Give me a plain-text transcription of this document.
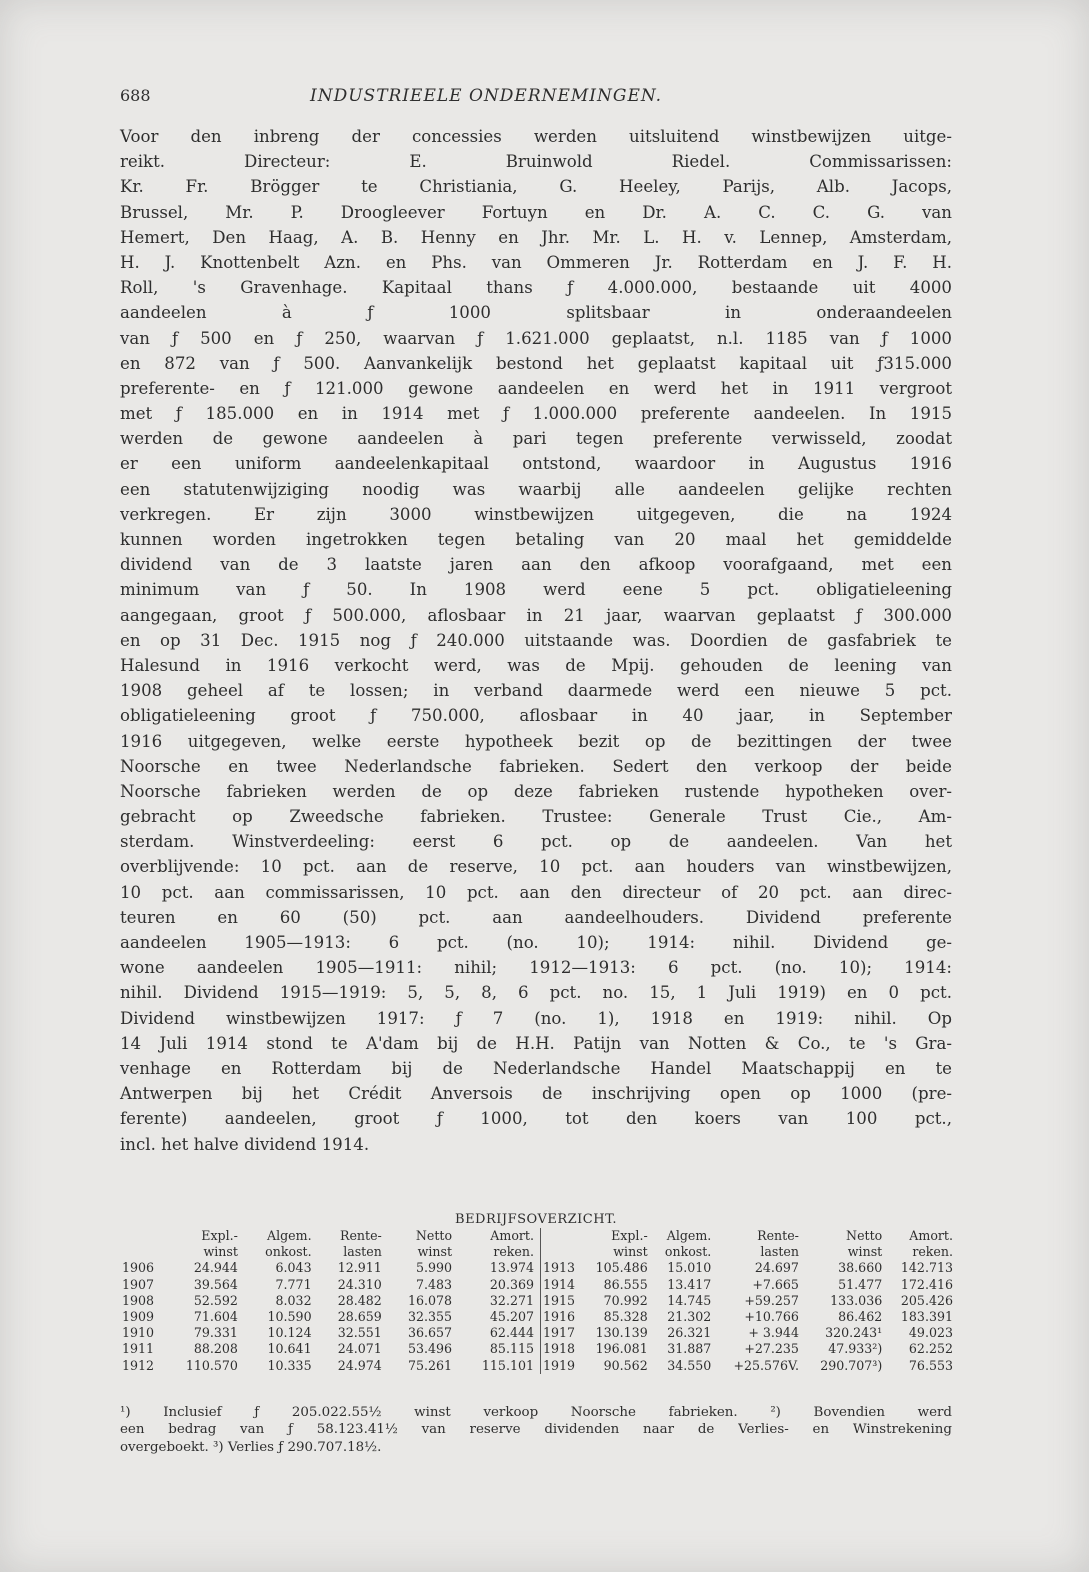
688	INDUSTRIEELE ONDERNEMINGEN.
Voor den inbreng der concessies werden uitsluitend winstbewijzen uitge-
reikt. Directeur: E. Bruinwold Riedel. Commissarissen:
Kr. Fr. Brögger te Christiania, G. Heeley, Parijs, Alb. Jacops,
Brussel, Mr. P. Droogleever Fortuyn en Dr. A. C. C. G. van
Hemert, Den Haag, A. B. Henny en Jhr. Mr. L. H. v. Lennep, Amsterdam,
H. J. Knottenbelt Azn. en Phs. van Ommeren Jr. Rotterdam en J. F. H.
Roll, 's Gravenhage. Kapitaal thans ƒ 4.000.000, bestaande uit 4000
aandeelen à ƒ 1000 splitsbaar in onderaandeelen
van ƒ 500 en ƒ 250, waarvan ƒ 1.621.000 geplaatst, n.l. 1185 van ƒ 1000
en 872 van ƒ 500. Aanvankelijk bestond het geplaatst kapitaal uit ƒ315.000
preferente- en ƒ 121.000 gewone aandeelen en werd het in 1911 vergroot
met ƒ 185.000 en in 1914 met ƒ 1.000.000 preferente aandeelen. In 1915
werden de gewone aandeelen à pari tegen preferente verwisseld, zoodat
er een uniform aandeelenkapitaal ontstond, waardoor in Augustus 1916
een statutenwijziging noodig was waarbij alle aandeelen gelijke rechten
verkregen. Er zijn 3000 winstbewijzen uitgegeven, die na 1924
kunnen worden ingetrokken tegen betaling van 20 maal het gemiddelde
dividend van de 3 laatste jaren aan den afkoop voorafgaand, met een
minimum van ƒ 50. In 1908 werd eene 5 pct. obligatieleening
aangegaan, groot ƒ 500.000, aflosbaar in 21 jaar, waarvan geplaatst ƒ 300.000
en op 31 Dec. 1915 nog ƒ 240.000 uitstaande was. Doordien de gasfabriek te
Halesund in 1916 verkocht werd, was de Mpij. gehouden de leening van
1908 geheel af te lossen; in verband daarmede werd een nieuwe 5 pct.
obligatieleening groot ƒ 750.000, aflosbaar in 40 jaar, in September
1916 uitgegeven, welke eerste hypotheek bezit op de bezittingen der twee
Noorsche en twee Nederlandsche fabrieken. Sedert den verkoop der beide
Noorsche fabrieken werden de op deze fabrieken rustende hypotheken over-
gebracht op Zweedsche fabrieken. Trustee: Generale Trust Cie., Am-
sterdam. Winstverdeeling: eerst 6 pct. op de aandeelen. Van het
overblijvende: 10 pct. aan de reserve, 10 pct. aan houders van winstbewijzen,
10 pct. aan commissarissen, 10 pct. aan den directeur of 20 pct. aan direc-
teuren en 60 (50) pct. aan aandeelhouders. Dividend preferente
aandeelen 1905—1913: 6 pct. (no. 10); 1914: nihil. Dividend ge-
wone aandeelen 1905—1911: nihil; 1912—1913: 6 pct. (no. 10); 1914:
nihil. Dividend 1915—1919: 5, 5, 8, 6 pct. no. 15, 1 Juli 1919) en 0 pct.
Dividend winstbewijzen 1917: ƒ 7 (no. 1), 1918 en 1919: nihil. Op
14 Juli 1914 stond te A'dam bij de H.H. Patijn van Notten & Co., te 's Gra-
venhage en Rotterdam bij de Nederlandsche Handel Maatschappij en te
Antwerpen bij het Crédit Anversois de inschrijving open op 1000 (pre-
ferente) aandeelen, groot ƒ 1000, tot den koers van 100 pct.,
incl. het halve dividend 1914.
BEDRIJFSOVERZICHT.
	Expl.-	Algem.	Rente-	Netto	Amort.
	winst	onkost.	lasten	winst	reken.
1906	24.944	6.043	12.911	5.990	13.974
1907	39.564	7.771	24.310	7.483	20.369
1908	52.592	8.032	28.482	16.078	32.271
1909	71.604	10.590	28.659	32.355	45.207
1910	79.331	10.124	32.551	36.657	62.444
1911	88.208	10.641	24.071	53.496	85.115
1912	110.570	10.335	24.974	75.261	115.101
	Expl.-	Algem.	Rente-	Netto	Amort.
	winst	onkost.	lasten	winst	reken.
1913	105.486	15.010	24.697	38.660	142.713
1914	86.555	13.417	+7.665	51.477	172.416
1915	70.992	14.745	+59.257	133.036	205.426
1916	85.328	21.302	+10.766	86.462	183.391
1917	130.139	26.321	+ 3.944	320.243¹	49.023
1918	196.081	31.887	+27.235	47.933²)	62.252
1919	90.562	34.550	+25.576V.	290.707³)	76.553
¹) Inclusief ƒ 205.022.55½ winst verkoop Noorsche fabrieken. ²) Bovendien werd
een bedrag van ƒ 58.123.41½ van reserve dividenden naar de Verlies- en Winstrekening
overgeboekt. ³) Verlies ƒ 290.707.18½.
